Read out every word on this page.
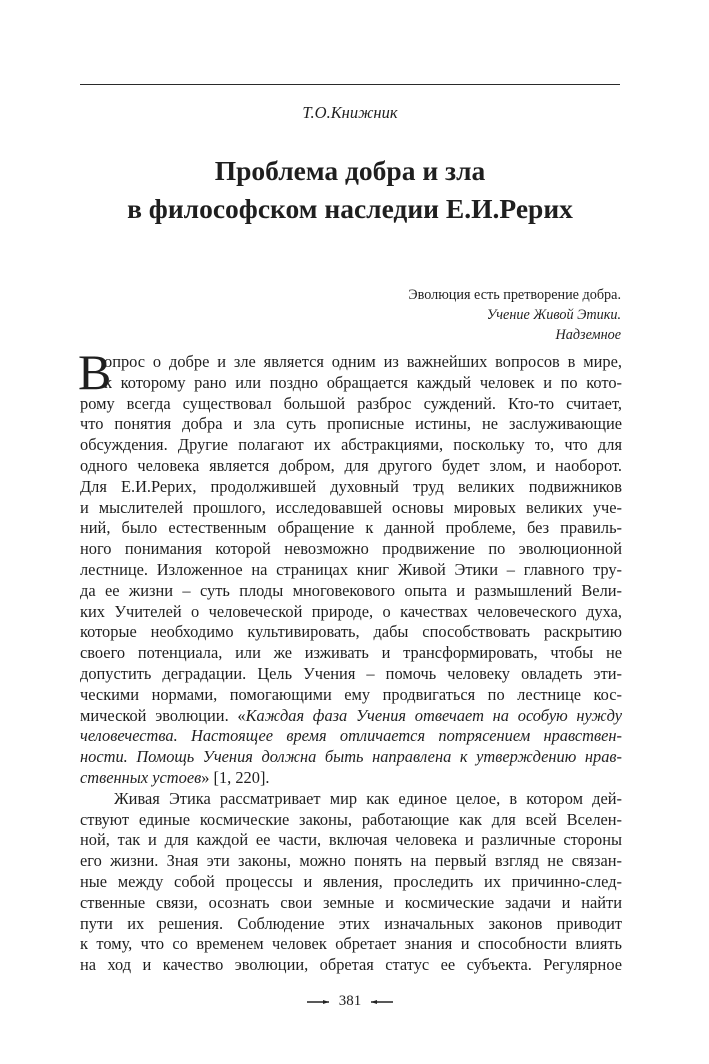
Т.О.Книжник
Проблема добра и зла
в философском наследии Е.И.Рерих
Эволюция есть претворение добра.
Учение Живой Этики.
Надземное
В
опрос о добре и зле является одним из важнейших вопросов в мире,
к которому рано или поздно обращается каждый человек и по кото-
рому всегда существовал большой разброс суждений. Кто-то считает,
что понятия добра и зла суть прописные истины, не заслуживающие
обсуждения. Другие полагают их абстракциями, поскольку то, что для
одного человека является добром, для другого будет злом, и наоборот.
Для Е.И.Рерих, продолжившей духовный труд великих подвижников
и мыслителей прошлого, исследовавшей основы мировых великих уче-
ний, было естественным обращение к данной проблеме, без правиль-
ного понимания которой невозможно продвижение по эволюционной
лестнице. Изложенное на страницах книг Живой Этики – главного тру-
да ее жизни – суть плоды многовекового опыта и размышлений Вели-
ких Учителей о человеческой природе, о качествах человеческого духа,
которые необходимо культивировать, дабы способствовать раскрытию
своего потенциала, или же изживать и трансформировать, чтобы не
допустить деградации. Цель Учения – помочь человеку овладеть эти-
ческими нормами, помогающими ему продвигаться по лестнице кос-
мической эволюции. «Каждая фаза Учения отвечает на особую нужду
человечества. Настоящее время отличается потрясением нравствен-
ности. Помощь Учения должна быть направлена к утверждению нрав-
ственных устоев» [1, 220].
Живая Этика рассматривает мир как единое целое, в котором дей-
ствуют единые космические законы, работающие как для всей Вселен-
ной, так и для каждой ее части, включая человека и различные стороны
его жизни. Зная эти законы, можно понять на первый взгляд не связан-
ные между собой процессы и явления, проследить их причинно-след-
ственные связи, осознать свои земные и космические задачи и найти
пути их решения. Соблюдение этих изначальных законов приводит
к тому, что со временем человек обретает знания и способности влиять
на ход и качество эволюции, обретая статус ее субъекта. Регулярное
381
